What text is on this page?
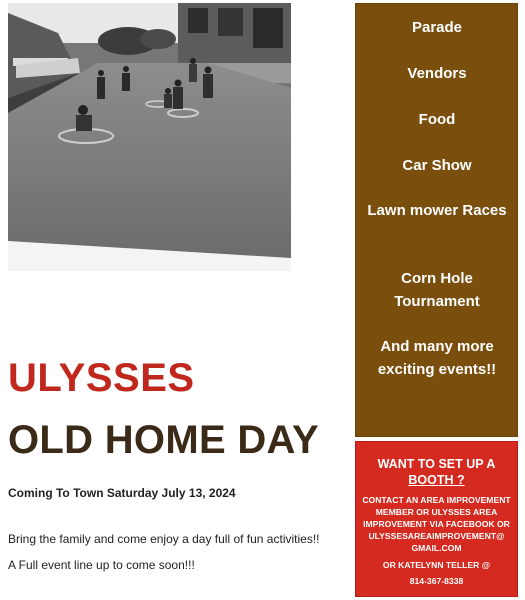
Parade
Vendors
Food
Car Show
Lawn mower Races
Corn Hole Tournament
And many more exciting events!!
WANT TO SET UP A
BOOTH ?
CONTACT AN AREA IMPROVEMENT MEMBER OR ULYSSES AREA IMPROVEMENT VIA FACEBOOK OR ULYSSESAREAIMPROVEMENT@ GMAIL.COM
OR KATELYNN TELLER @
814-367-8338
ULYSSES
OLD HOME DAY
Coming To Town Saturday July 13, 2024
Bring the family and come enjoy a day full of fun activities!!
A Full event line up to come soon!!!
